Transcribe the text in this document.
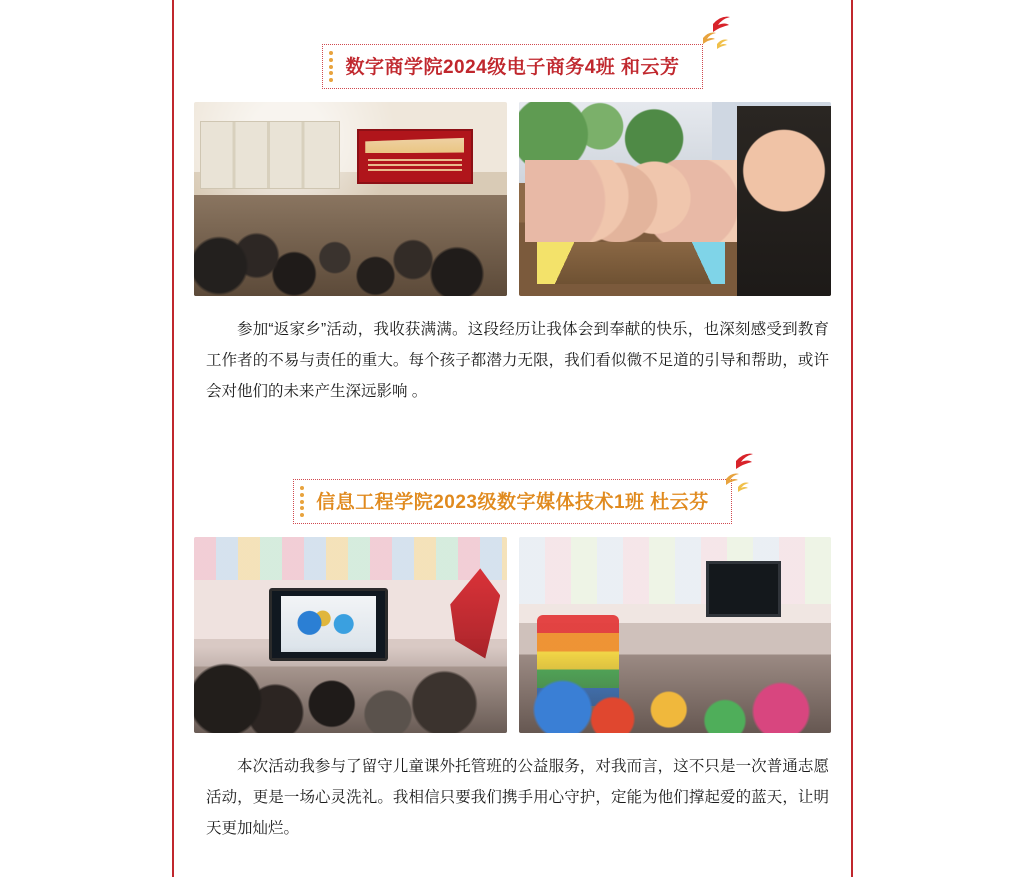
数字商学院2024级电子商务4班 和云芳

参加“返家乡”活动，我收获满满。这段经历让我体会到奉献的快乐，也深刻感受到教育工作者的不易与责任的重大。每个孩子都潜力无限，我们看似微不足道的引导和帮助，或许会对他们的未来产生深远影响 。

信息工程学院2023级数字媒体技术1班 杜云芬

本次活动我参与了留守儿童课外托管班的公益服务，对我而言，这不只是一次普通志愿活动，更是一场心灵洗礼。我相信只要我们携手用心守护，定能为他们撑起爱的蓝天，让明天更加灿烂。
